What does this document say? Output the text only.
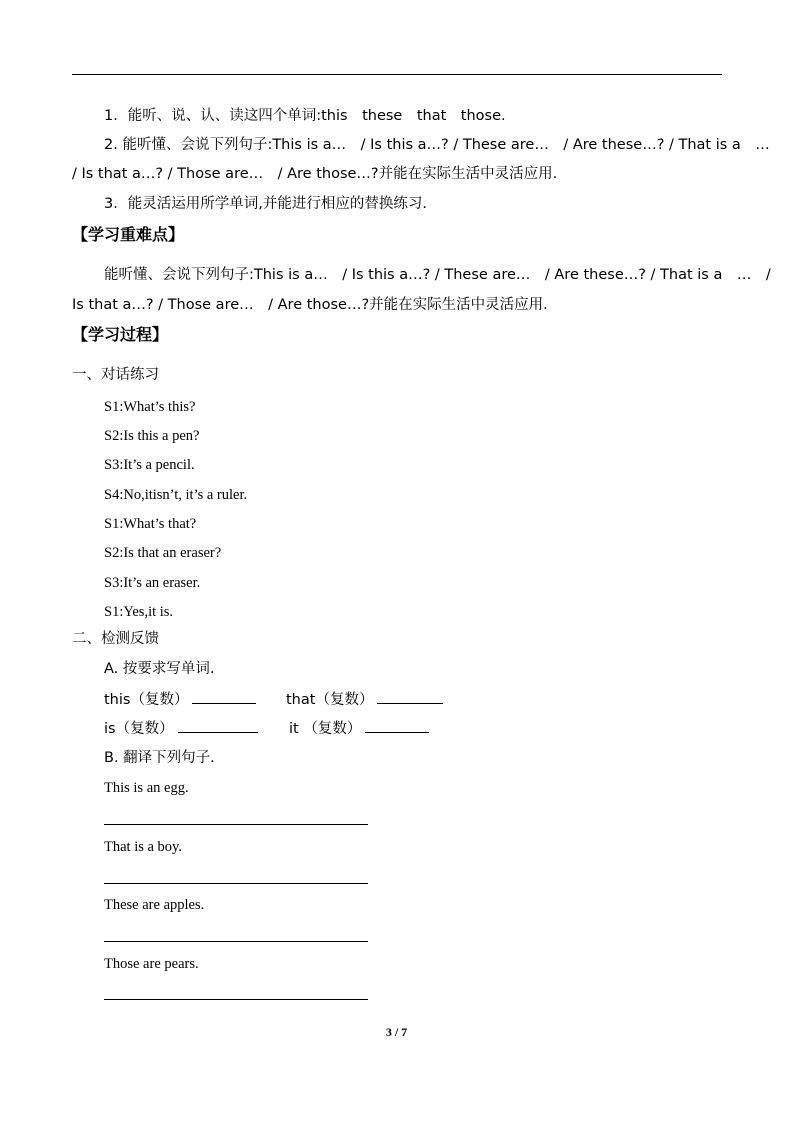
1．能听、说、认、读这四个单词:this　these　that　those.
2. 能听懂、会说下列句子:This is a…　/ Is this a…? / These are…　/ Are these…? / That is a　…
/ Is that a…? / Those are…　/ Are those…?并能在实际生活中灵活应用.
3．能灵活运用所学单词,并能进行相应的替换练习.
【学习重难点】
能听懂、会说下列句子:This is a…　/ Is this a…? / These are…　/ Are these…? / That is a　…　/
Is that a…? / Those are…　/ Are those…?并能在实际生活中灵活应用.
【学习过程】
一、对话练习
S1:What’s this?
S2:Is this a pen?
S3:It’s a pencil.
S4:No,itisn’t, it’s a ruler.
S1:What’s that?
S2:Is that an eraser?
S3:It’s an eraser.
S1:Yes,it is.
二、检测反馈
A. 按要求写单词.
this（复数）	that（复数）
is（复数）	it （复数）
B. 翻译下列句子.
This is an egg.
That is a boy.
These are apples.
Those are pears.
3 / 7
